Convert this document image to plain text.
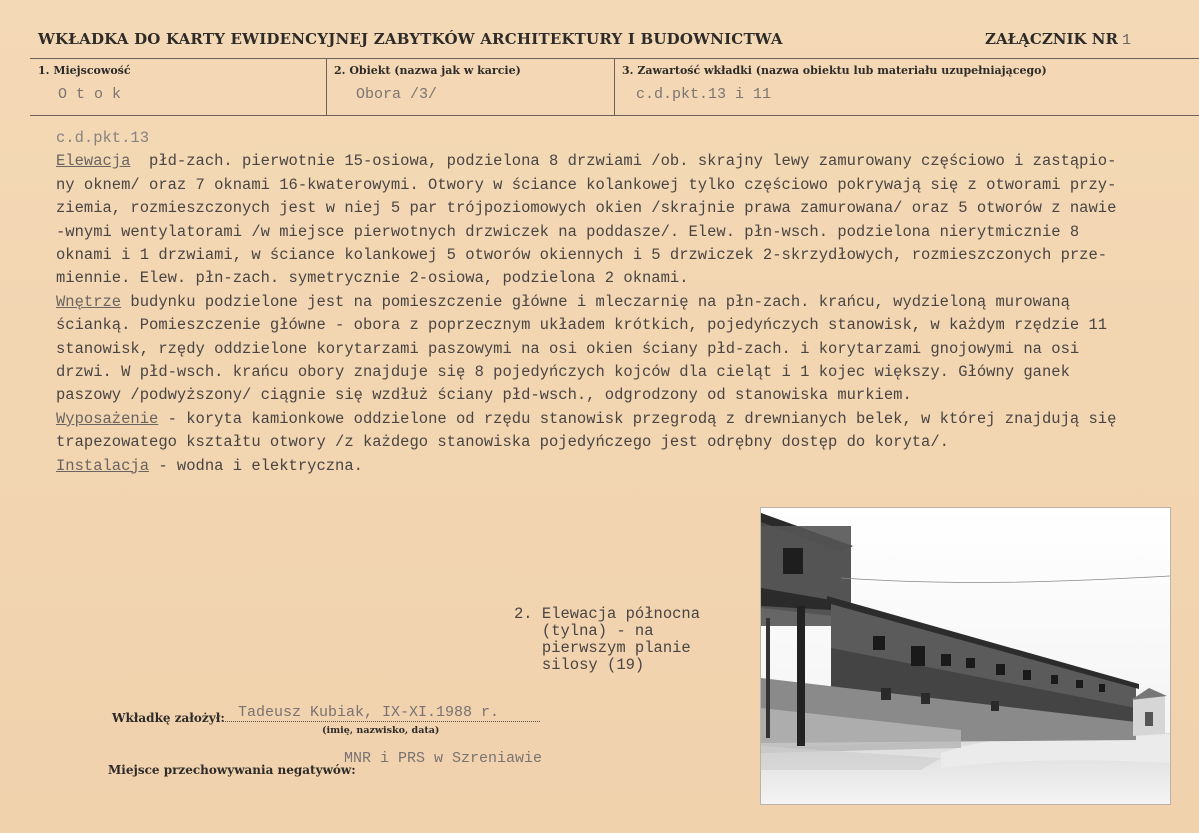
WKŁADKA DO KARTY EWIDENCYJNEJ ZABYTKÓW ARCHITEKTURY I BUDOWNICTWA	ZAŁĄCZNIK NR 1
1. Miejscowość
O t o k
2. Obiekt (nazwa jak w karcie)
Obora /3/
3. Zawartość wkładki (nazwa obiektu lub materiału uzupełniającego)
c.d.pkt.13 i 11
c.d.pkt.13
Elewacja  płd-zach. pierwotnie 15-osiowa, podzielona 8 drzwiami /ob. skrajny lewy zamurowany częściowo i zastąpio-
ny oknem/ oraz 7 oknami 16-kwaterowymi. Otwory w ściance kolankowej tylko częściowo pokrywają się z otworami przy-
ziemia, rozmieszczonych jest w niej 5 par trójpoziomowych okien /skrajnie prawa zamurowana/ oraz 5 otworów z nawie
-wnymi wentylatorami /w miejsce pierwotnych drzwiczek na poddasze/. Elew. płn-wsch. podzielona nierytmicznie 8
oknami i 1 drzwiami, w ściance kolankowej 5 otworów okiennych i 5 drzwiczek 2-skrzydłowych, rozmieszczonych prze-
miennie. Elew. płn-zach. symetrycznie 2-osiowa, podzielona 2 oknami.
Wnętrze budynku podzielone jest na pomieszczenie główne i mleczarnię na płn-zach. krańcu, wydzieloną murowaną
ścianką. Pomieszczenie główne - obora z poprzecznym układem krótkich, pojedyńczych stanowisk, w każdym rzędzie 11
stanowisk, rzędy oddzielone korytarzami paszowymi na osi okien ściany płd-zach. i korytarzami gnojowymi na osi
drzwi. W płd-wsch. krańcu obory znajduje się 8 pojedyńczych kojców dla cieląt i 1 kojec większy. Główny ganek
paszowy /podwyższony/ ciągnie się wzdłuż ściany płd-wsch., odgrodzony od stanowiska murkiem.
Wyposażenie - koryta kamionkowe oddzielone od rzędu stanowisk przegrodą z drewnianych belek, w której znajdują się
trapezowatego kształtu otwory /z każdego stanowiska pojedyńczego jest odrębny dostęp do koryta/.
Instalacja - wodna i elektryczna.
2. Elewacja północna
(tylna) - na
pierwszym planie
silosy (19)
Wkładkę założył: Tadeusz Kubiak, IX-XI.1988 r.
(imię, nazwisko, data)
Miejsce przechowywania negatywów:
MNR i PRS w Szreniawie
